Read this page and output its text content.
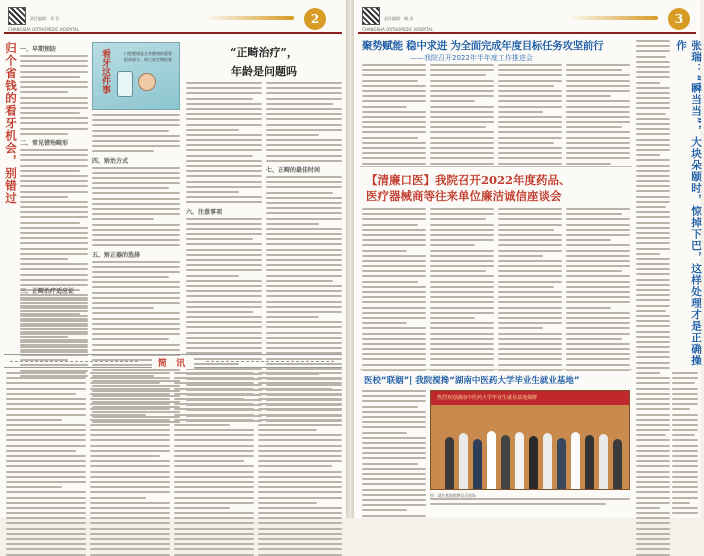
责任编辑：刘 芳
CHANGSHA ORTHOPEDIC HOSPITAL
2
归个省钱的看牙机会，别错过 一、早期预防
二、常见错殆畸形
三、正畸治疗适应证
看牙这件事	口腔健康是全身健康的重要组成部分，请大家定期检查
四、矫治方式
五、矫正器的选择
“正畸治疗”，
年龄是问题吗
六、注意事项
七、正畸的最佳时间
简 讯
责任编辑：谢 涛
CHANGSHA ORTHOPEDIC HOSPITAL
3
聚势赋能 稳中求进 为全面完成年度目标任务攻坚前行
——我院召开2022年半年度工作推进会
【清廉口医】我院召开2022年度药品、
医疗器械商等往来单位廉洁诚信座谈会
医校“联姻”| 我院搅搀“湖南中医药大学毕业生就业基地”
热烈欢迎湖南中医药大学毕业生就业基地揭牌
图：就业基地揭牌仪式现场
张瑞：“瞬当当”，大块朵颐时，惊掉下巴，这样处理才是正确操作
